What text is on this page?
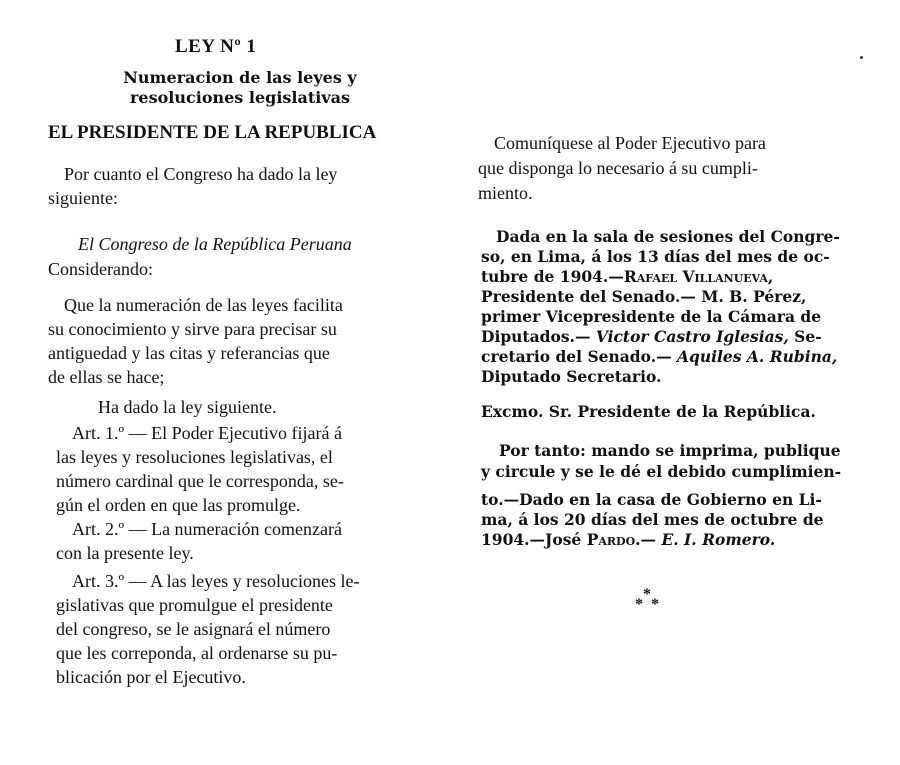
LEY Nº 1
Numeracion de las leyes y
resoluciones legislativas
EL PRESIDENTE DE LA REPUBLICA
Por cuanto el Congreso ha dado la ley
siguiente:
El Congreso de la República Peruana
Considerando:
Que la numeración de las leyes facilita
su conocimiento y sirve para precisar su
antiguedad y las citas y referancias que
de ellas se hace;
Ha dado la ley siguiente.
Art. 1.º — El Poder Ejecutivo fijará á
las leyes y resoluciones legislativas, el
número cardinal que le corresponda, se-
gún el orden en que las promulge.
Art. 2.º — La numeración comenzará
con la presente ley.
Art. 3.º — A las leyes y resoluciones le-
gislativas que promulgue el presidente
del congreso, se le asignará el número
que les correponda, al ordenarse su pu-
blicación por el Ejecutivo.
Comuníquese al Poder Ejecutivo para
que disponga lo necesario á su cumpli-
miento.
Dada en la sala de sesiones del Congre-
so, en Lima, á los 13 días del mes de oc-
tubre de 1904.—Rafael Villanueva,
Presidente del Senado.— M. B. Pérez,
primer Vicepresidente de la Cámara de
Diputados.— Victor Castro Iglesias, Se-
cretario del Senado.— Aquiles A. Rubina,
Diputado Secretario.
Excmo. Sr. Presidente de la República.
Por tanto: mando se imprima, publique
y circule y se le dé el debido cumplimien-
to.—Dado en la casa de Gobierno en Li-
ma, á los 20 días del mes de octubre de
1904.—José Pardo.— E. I. Romero.
*
* *
